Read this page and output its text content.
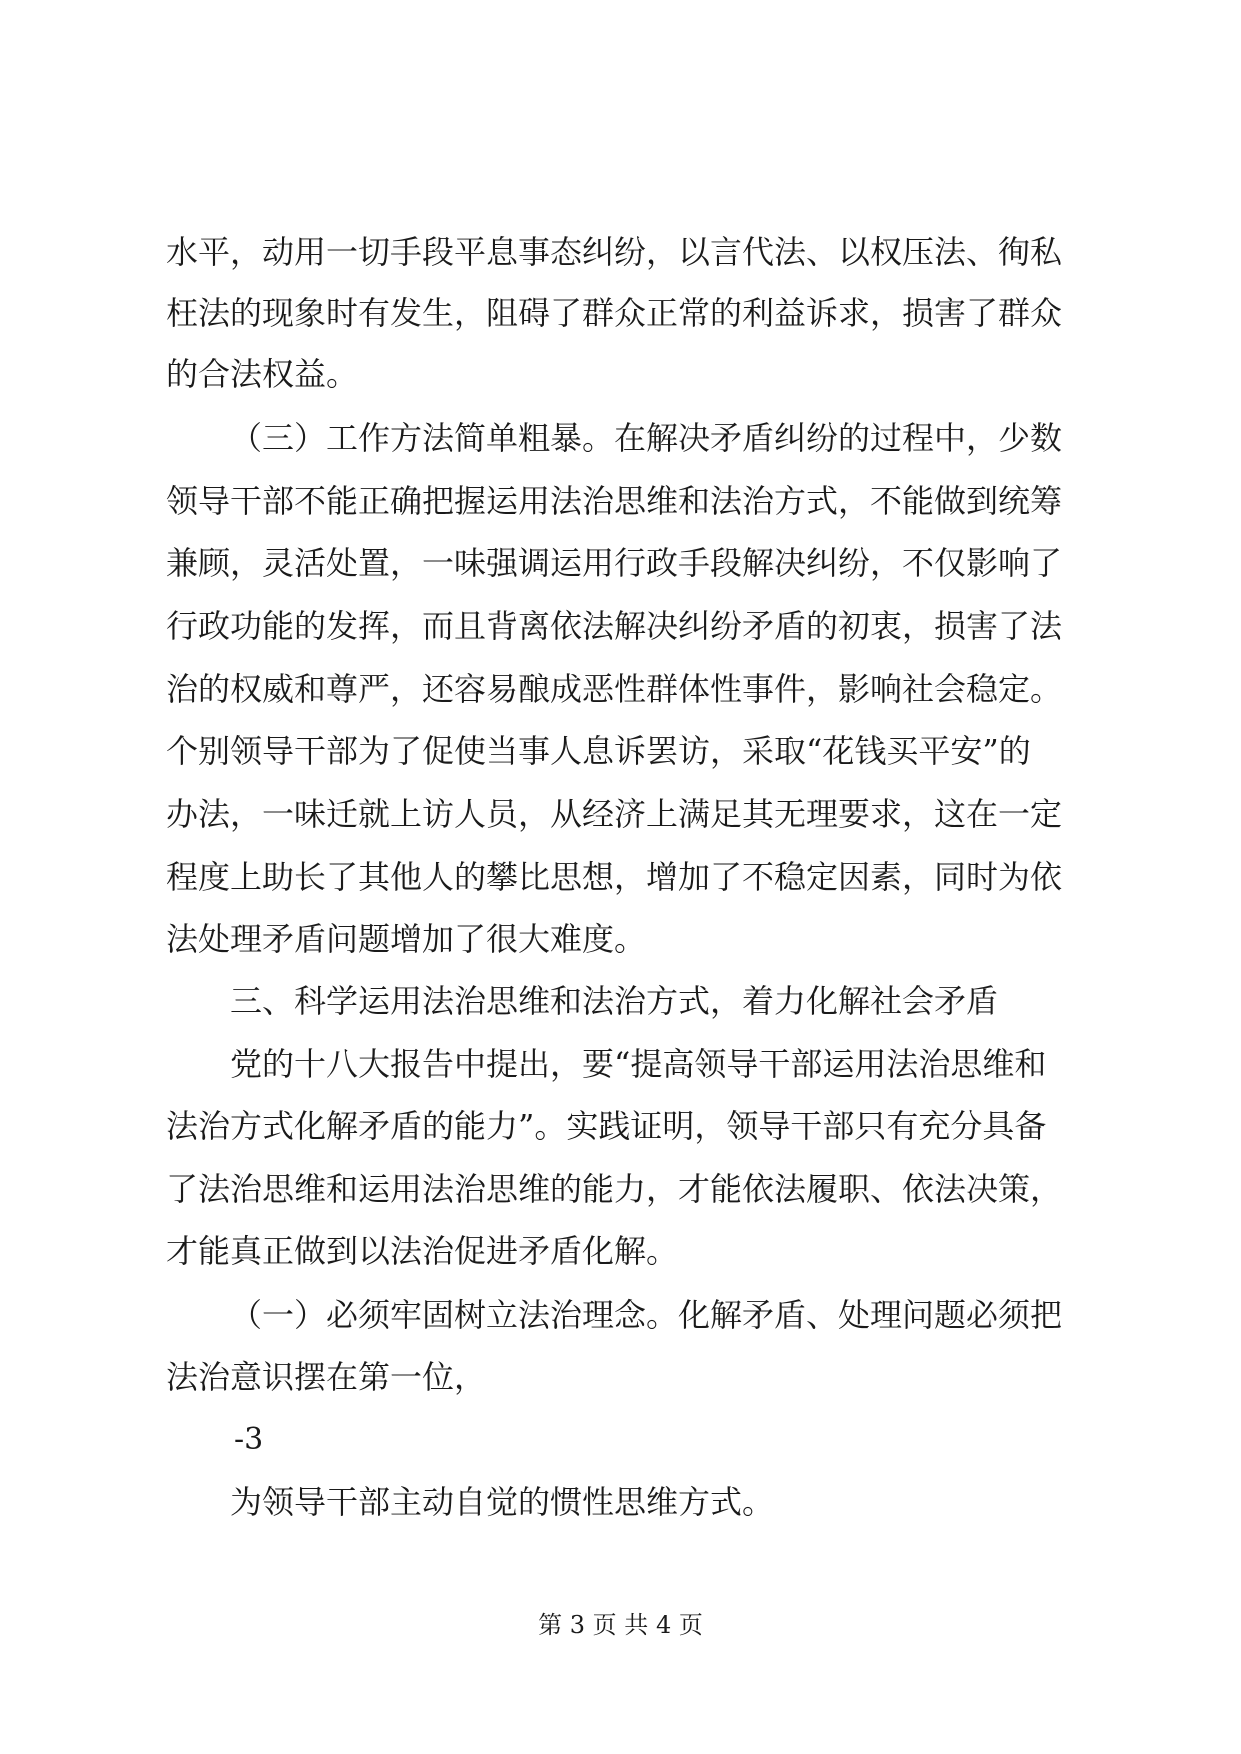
水平，动用一切手段平息事态纠纷，以言代法、以权压法、徇私

枉法的现象时有发生，阻碍了群众正常的利益诉求，损害了群众

的合法权益。

（三）工作方法简单粗暴。在解决矛盾纠纷的过程中，少数

领导干部不能正确把握运用法治思维和法治方式，不能做到统筹

兼顾，灵活处置，一味强调运用行政手段解决纠纷，不仅影响了

行政功能的发挥，而且背离依法解决纠纷矛盾的初衷，损害了法

治的权威和尊严，还容易酿成恶性群体性事件，影响社会稳定。

个别领导干部为了促使当事人息诉罢访，采取“花钱买平安”的

办法，一味迁就上访人员，从经济上满足其无理要求，这在一定

程度上助长了其他人的攀比思想，增加了不稳定因素，同时为依

法处理矛盾问题增加了很大难度。

三、科学运用法治思维和法治方式，着力化解社会矛盾

党的十八大报告中提出，要“提高领导干部运用法治思维和

法治方式化解矛盾的能力”。实践证明，领导干部只有充分具备

了法治思维和运用法治思维的能力，才能依法履职、依法决策，

才能真正做到以法治促进矛盾化解。

（一）必须牢固树立法治理念。化解矛盾、处理问题必须把

法治意识摆在第一位，

-3

为领导干部主动自觉的惯性思维方式。

第 3 页 共 4 页
